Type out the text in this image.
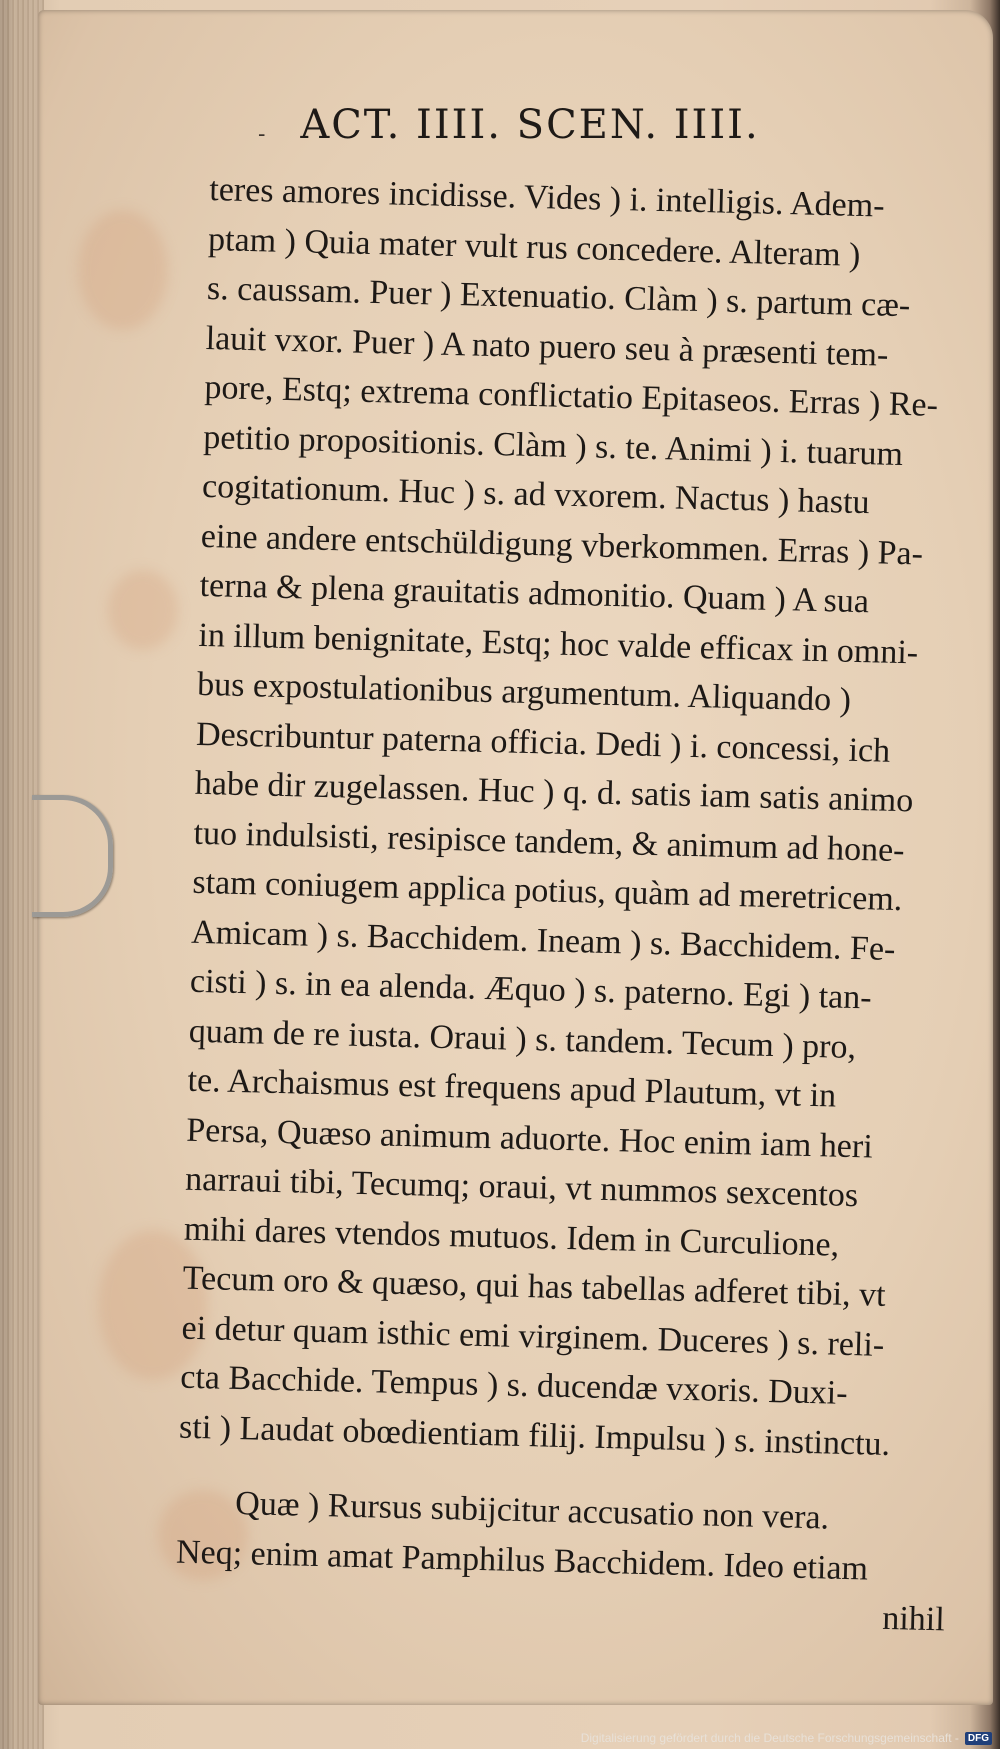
- ACT. IIII. SCEN. IIII.
teres amores incidisse. Vides ) i. intelligis. Adem-
ptam ) Quia mater vult rus concedere. Alteram )
s. caussam. Puer ) Extenuatio. Clàm ) s. partum cæ-
lauit vxor. Puer ) A nato puero seu à præsenti tem-
pore, Estq; extrema conflictatio Epitaseos. Erras ) Re-
petitio propositionis. Clàm ) s. te. Animi ) i. tuarum
cogitationum. Huc ) s. ad vxorem. Nactus ) hastu
eine andere entschüldigung vberkommen. Erras ) Pa-
terna & plena grauitatis admonitio. Quam ) A sua
in illum benignitate, Estq; hoc valde efficax in omni-
bus expostulationibus argumentum. Aliquando )
Describuntur paterna officia. Dedi ) i. concessi, ich
habe dir zugelassen. Huc ) q. d. satis iam satis animo
tuo indulsisti, resipisce tandem, & animum ad hone-
stam coniugem applica potius, quàm ad meretricem.
Amicam ) s. Bacchidem. Ineam ) s. Bacchidem. Fe-
cisti ) s. in ea alenda. Æquo ) s. paterno. Egi ) tan-
quam de re iusta. Oraui ) s. tandem. Tecum ) pro,
te. Archaismus est frequens apud Plautum, vt in
Persa, Quæso animum aduorte. Hoc enim iam heri
narraui tibi, Tecumq; oraui, vt nummos sexcentos
mihi dares vtendos mutuos. Idem in Curculione,
Tecum oro & quæso, qui has tabellas adferet tibi, vt
ei detur quam isthic emi virginem. Duceres ) s. reli-
cta Bacchide. Tempus ) s. ducendæ vxoris. Duxi-
sti ) Laudat obœdientiam filij. Impulsu ) s. instinctu.
Quæ ) Rursus subijcitur accusatio non vera.
Neq; enim amat Pamphilus Bacchidem. Ideo etiam
nihil
Digitalisierung gefördert durch die Deutsche Forschungsgemeinschaft - DFG
